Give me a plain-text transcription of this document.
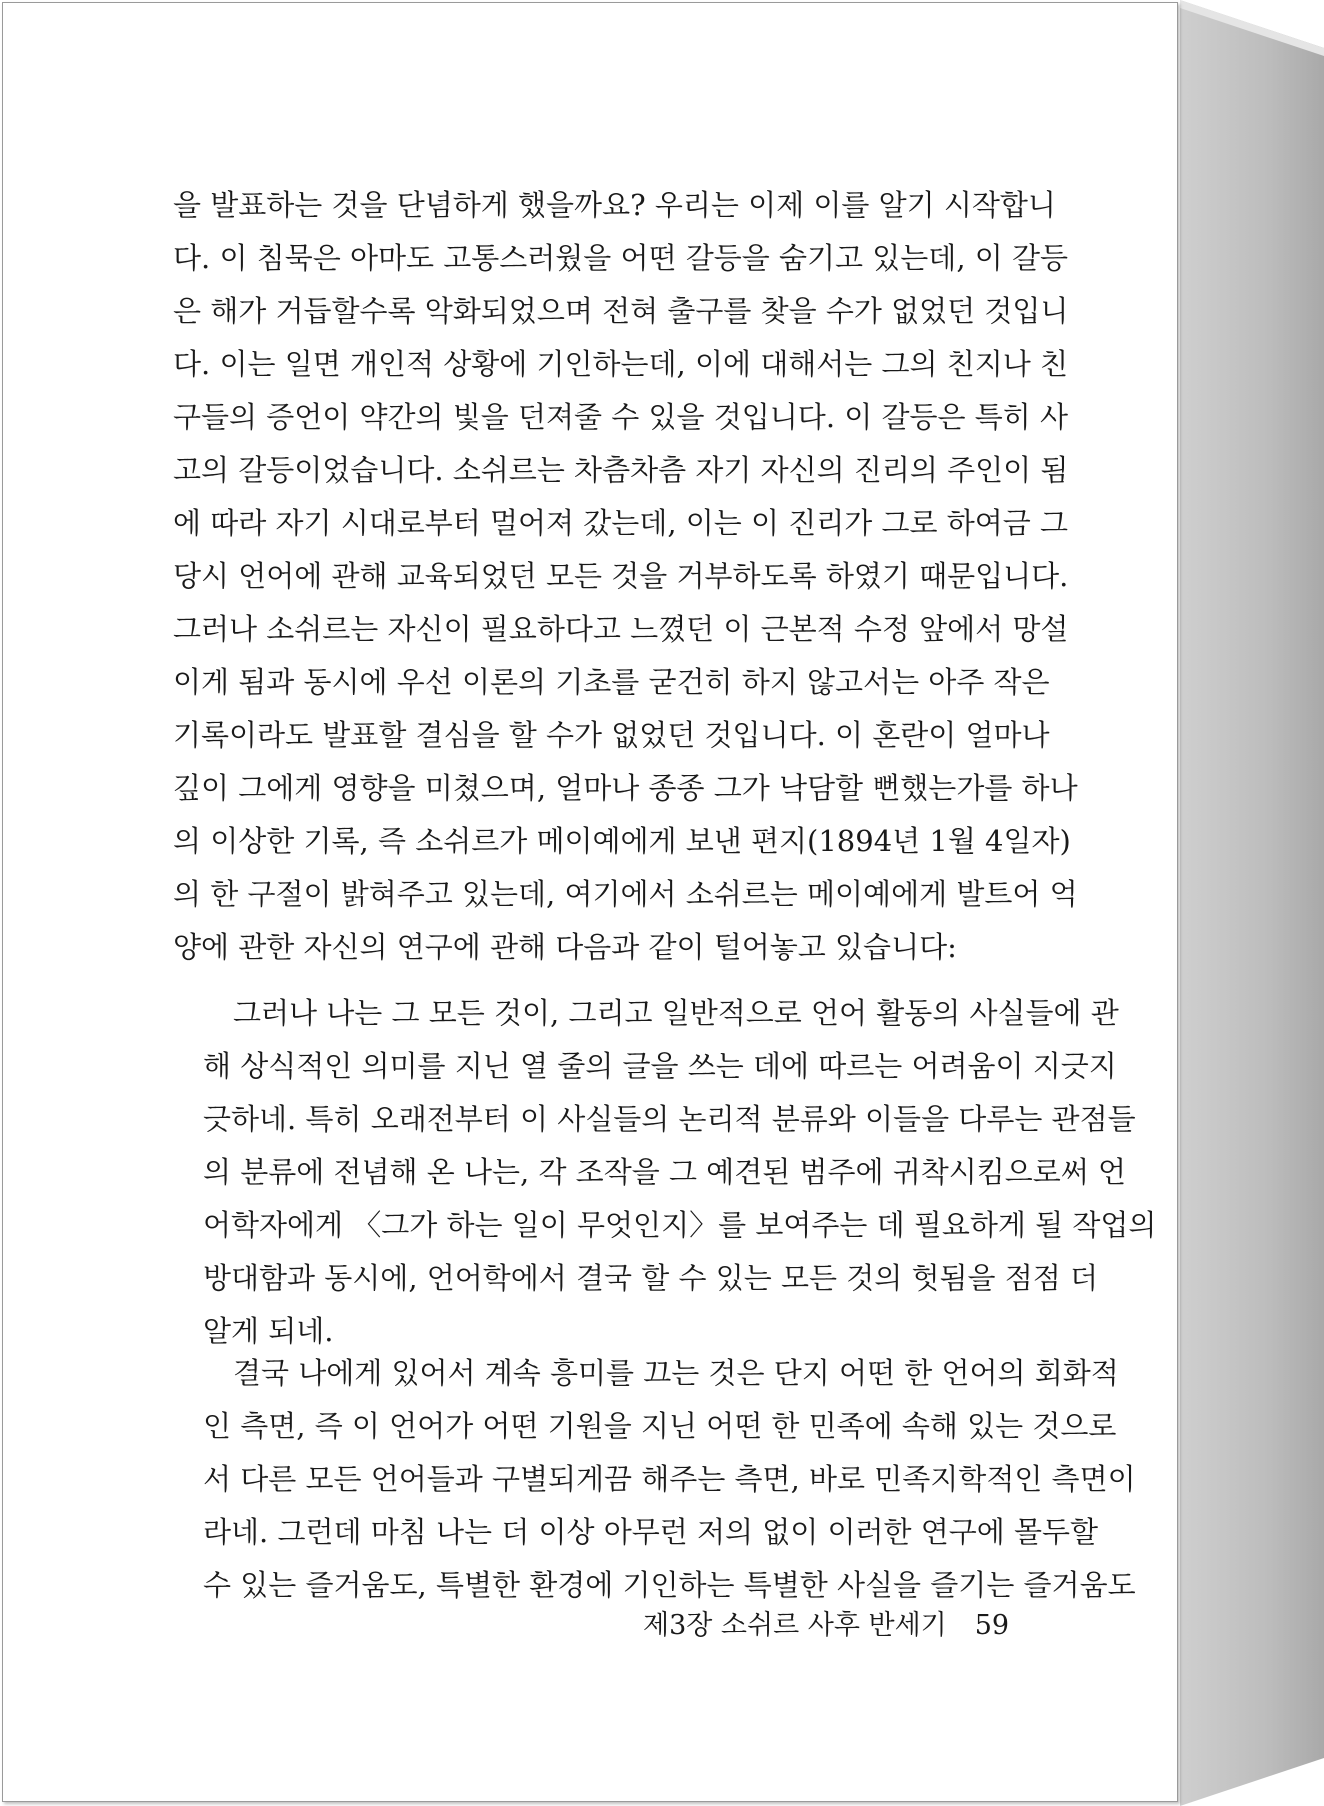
을 발표하는 것을 단념하게 했을까요? 우리는 이제 이를 알기 시작합니

다. 이 침묵은 아마도 고통스러웠을 어떤 갈등을 숨기고 있는데, 이 갈등

은 해가 거듭할수록 악화되었으며 전혀 출구를 찾을 수가 없었던 것입니

다. 이는 일면 개인적 상황에 기인하는데, 이에 대해서는 그의 친지나 친

구들의 증언이 약간의 빛을 던져줄 수 있을 것입니다. 이 갈등은 특히 사

고의 갈등이었습니다. 소쉬르는 차츰차츰 자기 자신의 진리의 주인이 됨

에 따라 자기 시대로부터 멀어져 갔는데, 이는 이 진리가 그로 하여금 그

당시 언어에 관해 교육되었던 모든 것을 거부하도록 하였기 때문입니다.

그러나 소쉬르는 자신이 필요하다고 느꼈던 이 근본적 수정 앞에서 망설

이게 됨과 동시에 우선 이론의 기초를 굳건히 하지 않고서는 아주 작은

기록이라도 발표할 결심을 할 수가 없었던 것입니다. 이 혼란이 얼마나

깊이 그에게 영향을 미쳤으며, 얼마나 종종 그가 낙담할 뻔했는가를 하나

의 이상한 기록, 즉 소쉬르가 메이예에게 보낸 편지(1894년 1월 4일자)

의 한 구절이 밝혀주고 있는데, 여기에서 소쉬르는 메이예에게 발트어 억

양에 관한 자신의 연구에 관해 다음과 같이 털어놓고 있습니다:

그러나 나는 그 모든 것이, 그리고 일반적으로 언어 활동의 사실들에 관

해 상식적인 의미를 지닌 열 줄의 글을 쓰는 데에 따르는 어려움이 지긋지

긋하네. 특히 오래전부터 이 사실들의 논리적 분류와 이들을 다루는 관점들

의 분류에 전념해 온 나는, 각 조작을 그 예견된 범주에 귀착시킴으로써 언

어학자에게 〈그가 하는 일이 무엇인지〉를 보여주는 데 필요하게 될 작업의

방대함과 동시에, 언어학에서 결국 할 수 있는 모든 것의 헛됨을 점점 더

알게 되네.

결국 나에게 있어서 계속 흥미를 끄는 것은 단지 어떤 한 언어의 회화적

인 측면, 즉 이 언어가 어떤 기원을 지닌 어떤 한 민족에 속해 있는 것으로

서 다른 모든 언어들과 구별되게끔 해주는 측면, 바로 민족지학적인 측면이

라네. 그런데 마침 나는 더 이상 아무런 저의 없이 이러한 연구에 몰두할

수 있는 즐거움도, 특별한 환경에 기인하는 특별한 사실을 즐기는 즐거움도

제3장 소쉬르 사후 반세기 59
